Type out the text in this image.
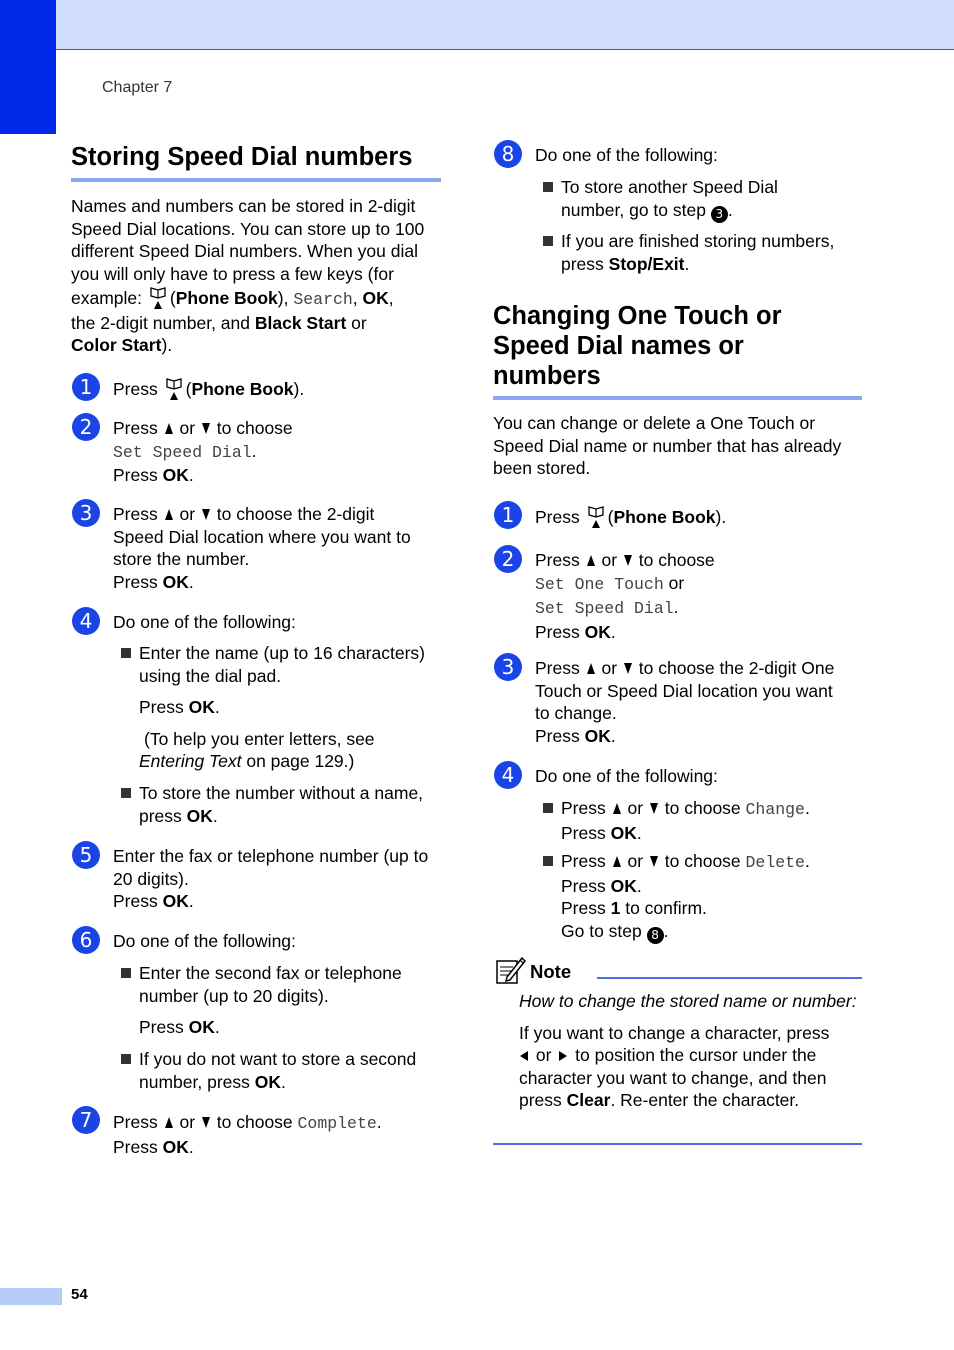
Chapter 7
Storing Speed Dial numbers
Names and numbers can be stored in 2-digit Speed Dial locations. You can store up to 100 different Speed Dial numbers. When you dial you will only have to press a few keys (for
example:
(Phone Book), Search, OK,
the 2-digit number, and Black Start or
Color Start).
1	Press
(Phone Book).
2	Press  or  to choose
Set Speed Dial.
Press OK.
3	Press  or  to choose the 2-digit
Speed Dial location where you want to
store the number.
Press OK.
4	Do one of the following:
Enter the name (up to 16 characters)
using the dial pad.
Press OK.
(To help you enter letters, see
Entering Text on page 129.)
To store the number without a name,
press OK.
5	Enter the fax or telephone number (up to
20 digits).
Press OK.
6	Do one of the following:
Enter the second fax or telephone
number (up to 20 digits).
Press OK.
If you do not want to store a second
number, press OK.
7	Press  or  to choose Complete.
Press OK.
8	Do one of the following:
To store another Speed Dial
number, go to step 3 .
If you are finished storing numbers,
press Stop/Exit.
Changing One Touch or
Speed Dial names or
numbers
You can change or delete a One Touch or Speed Dial name or number that has already been stored.
1	Press
(Phone Book).
2	Press  or  to choose
Set One Touch or
Set Speed Dial.
Press OK.
3	Press  or  to choose the 2-digit One
Touch or Speed Dial location you want
to change.
Press OK.
4	Do one of the following:
Press  or  to choose Change.
Press OK.
Press  or  to choose Delete.
Press OK.
Press 1 to confirm.
Go to step 8 .
Note
How to change the stored name or number:
If you want to change a character, press
or  to position the cursor under the
character you want to change, and then
press Clear. Re-enter the character.
54
